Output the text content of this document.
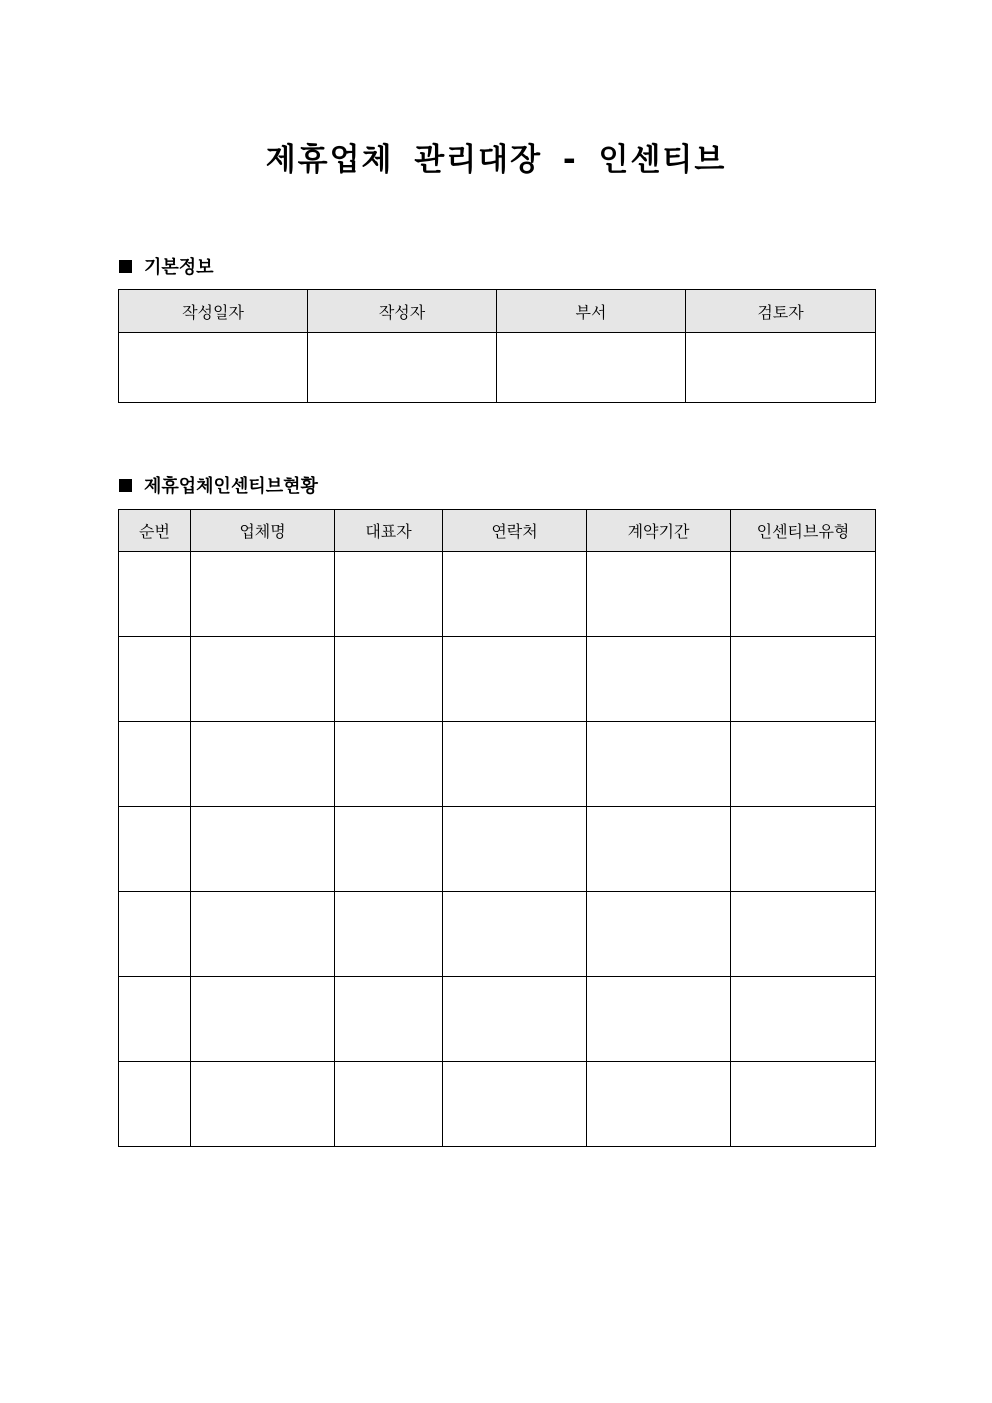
제휴업체 관리대장 - 인센티브
기본정보
작성일자	작성자	부서	검토자

제휴업체인센티브현황
순번	업체명	대표자	연락처	계약기간	인센티브유형
